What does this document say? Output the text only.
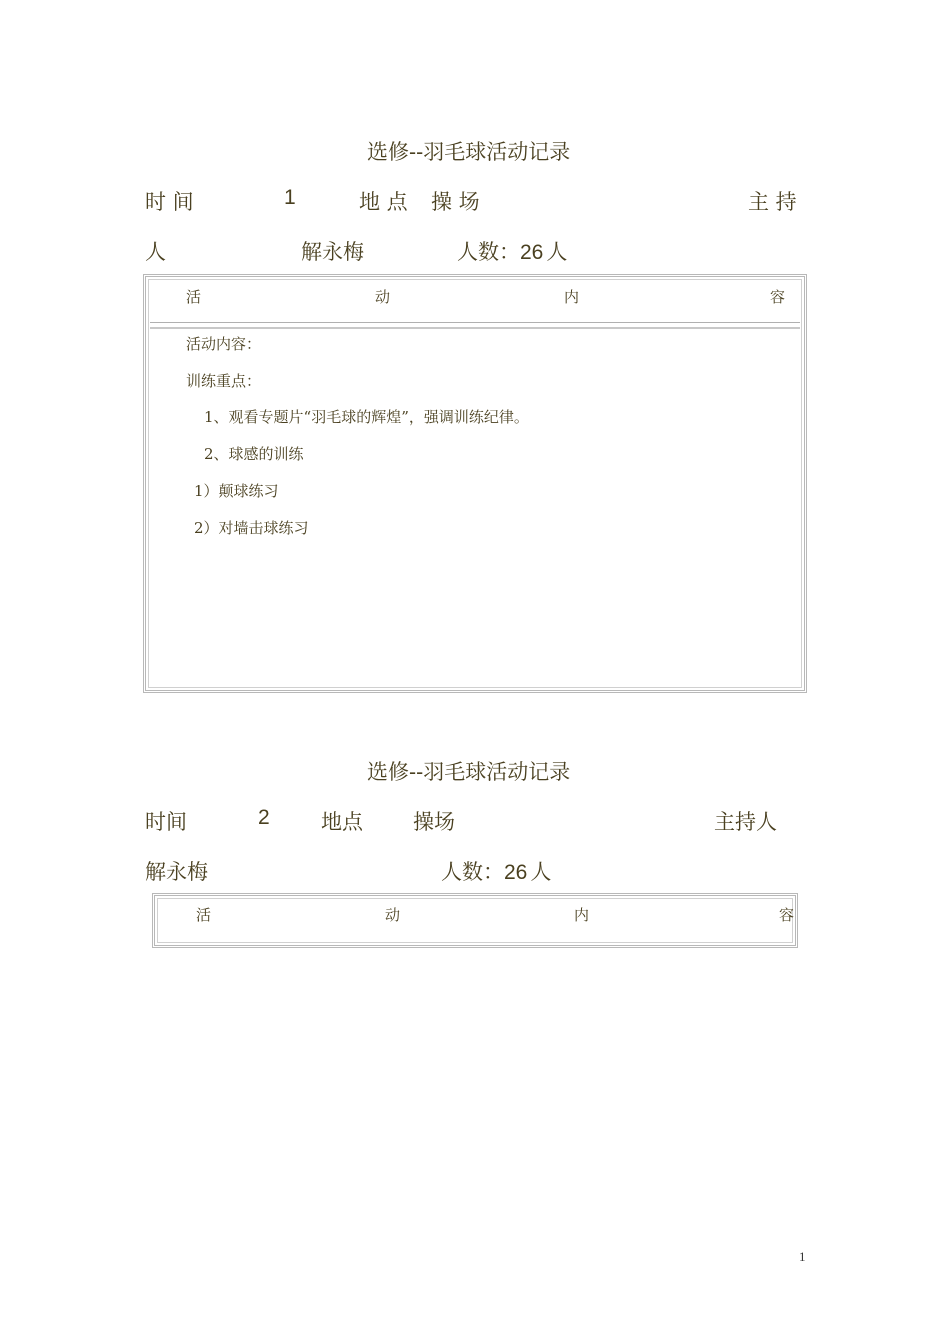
选修--羽毛球活动记录
时 间	1	地 点 操 场	主 持
人	解永梅	人数：26 人
活	动	内	容
活动内容：
训练重点：
1、观看专题片“羽毛球的辉煌”，强调训练纪律。
2、球感的训练
1）颠球练习
2）对墙击球练习
选修--羽毛球活动记录
时间	2 地点 操场	主持人
解永梅	人数：26 人
活	动	内	容
1
